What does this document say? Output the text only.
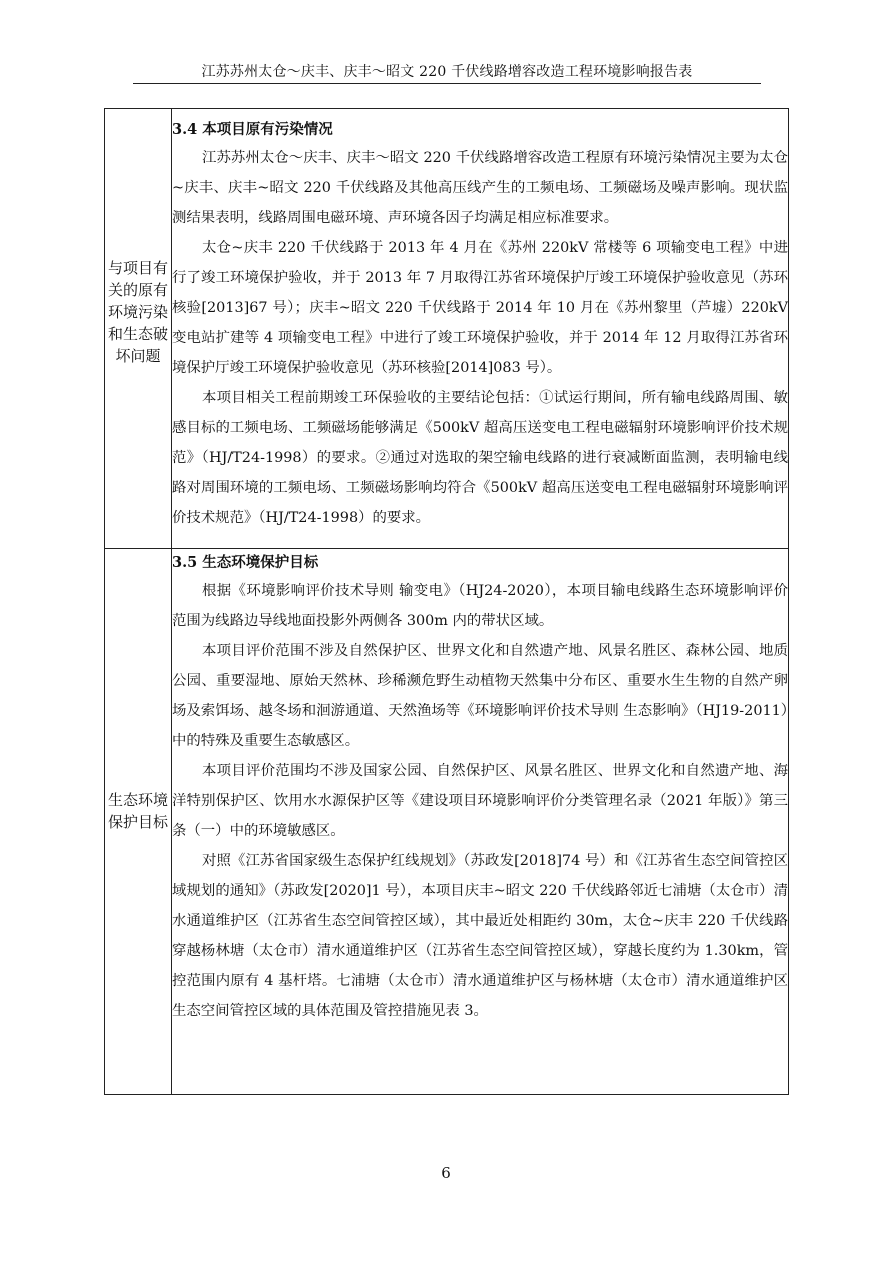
江苏苏州太仓～庆丰、庆丰～昭文 220 千伏线路增容改造工程环境影响报告表
与项目有关的原有环境污染和生态破坏问题	3.4 本项目原有污染情况

江苏苏州太仓～庆丰、庆丰～昭文 220 千伏线路增容改造工程原有环境污染情况主要为太仓~庆丰、庆丰~昭文 220 千伏线路及其他高压线产生的工频电场、工频磁场及噪声影响。现状监测结果表明，线路周围电磁环境、声环境各因子均满足相应标准要求。

太仓~庆丰 220 千伏线路于 2013 年 4 月在《苏州 220kV 常楼等 6 项输变电工程》中进行了竣工环境保护验收，并于 2013 年 7 月取得江苏省环境保护厅竣工环境保护验收意见（苏环核验[2013]67 号）；庆丰~昭文 220 千伏线路于 2014 年 10 月在《苏州黎里（芦墟）220kV 变电站扩建等 4 项输变电工程》中进行了竣工环境保护验收，并于 2014 年 12 月取得江苏省环境保护厅竣工环境保护验收意见（苏环核验[2014]083 号）。

本项目相关工程前期竣工环保验收的主要结论包括：①试运行期间，所有输电线路周围、敏感目标的工频电场、工频磁场能够满足《500kV 超高压送变电工程电磁辐射环境影响评价技术规范》（HJ/T24-1998）的要求。②通过对选取的架空输电线路的进行衰减断面监测，表明输电线路对周围环境的工频电场、工频磁场影响均符合《500kV 超高压送变电工程电磁辐射环境影响评价技术规范》（HJ/T24-1998）的要求。

生态环境保护目标	3.5 生态环境保护目标

根据《环境影响评价技术导则 输变电》（HJ24-2020），本项目输电线路生态环境影响评价范围为线路边导线地面投影外两侧各 300m 内的带状区域。

本项目评价范围不涉及自然保护区、世界文化和自然遗产地、风景名胜区、森林公园、地质公园、重要湿地、原始天然林、珍稀濒危野生动植物天然集中分布区、重要水生生物的自然产卵场及索饵场、越冬场和洄游通道、天然渔场等《环境影响评价技术导则 生态影响》（HJ19-2011）中的特殊及重要生态敏感区。

本项目评价范围均不涉及国家公园、自然保护区、风景名胜区、世界文化和自然遗产地、海洋特别保护区、饮用水水源保护区等《建设项目环境影响评价分类管理名录（2021 年版）》第三条（一）中的环境敏感区。

对照《江苏省国家级生态保护红线规划》（苏政发[2018]74 号）和《江苏省生态空间管控区域规划的通知》（苏政发[2020]1 号），本项目庆丰~昭文 220 千伏线路邻近七浦塘（太仓市）清水通道维护区（江苏省生态空间管控区域），其中最近处相距约 30m，太仓~庆丰 220 千伏线路穿越杨林塘（太仓市）清水通道维护区（江苏省生态空间管控区域），穿越长度约为 1.30km，管控范围内原有 4 基杆塔。七浦塘（太仓市）清水通道维护区与杨林塘（太仓市）清水通道维护区生态空间管控区域的具体范围及管控措施见表 3。

6
